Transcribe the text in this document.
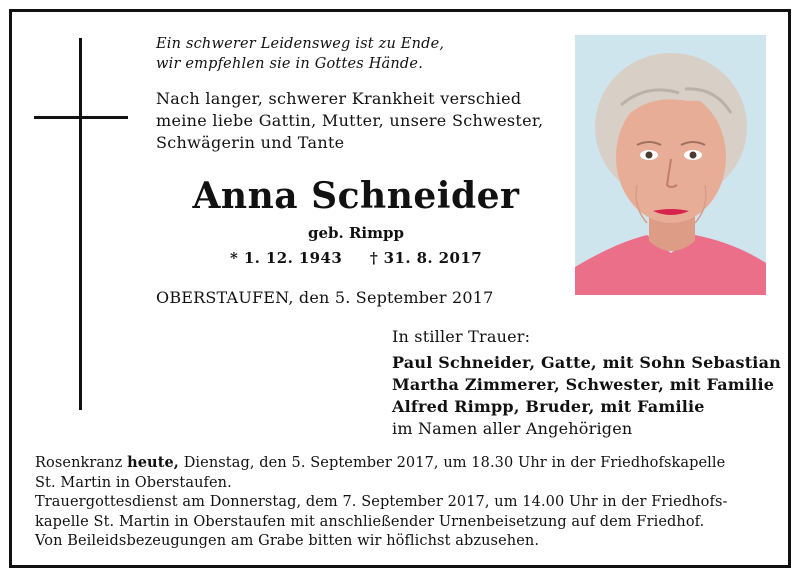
Ein schwerer Leidensweg ist zu Ende,
wir empfehlen sie in Gottes Hände.
Nach langer, schwerer Krankheit verschied
meine liebe Gattin, Mutter, unsere Schwester,
Schwägerin und Tante
Anna Schneider
geb. Rimpp
* 1. 12. 1943 † 31. 8. 2017
OBERSTAUFEN, den 5. September 2017
In stiller Trauer:
Paul Schneider, Gatte, mit Sohn Sebastian
Martha Zimmerer, Schwester, mit Familie
Alfred Rimpp, Bruder, mit Familie
im Namen aller Angehörigen
Rosenkranz heute, Dienstag, den 5. September 2017, um 18.30 Uhr in der Friedhofskapelle
St. Martin in Oberstaufen.
Trauergottesdienst am Donnerstag, dem 7. September 2017, um 14.00 Uhr in der Friedhofs-
kapelle St. Martin in Oberstaufen mit anschließender Urnenbeisetzung auf dem Friedhof.
Von Beileidsbezeugungen am Grabe bitten wir höflichst abzusehen.
